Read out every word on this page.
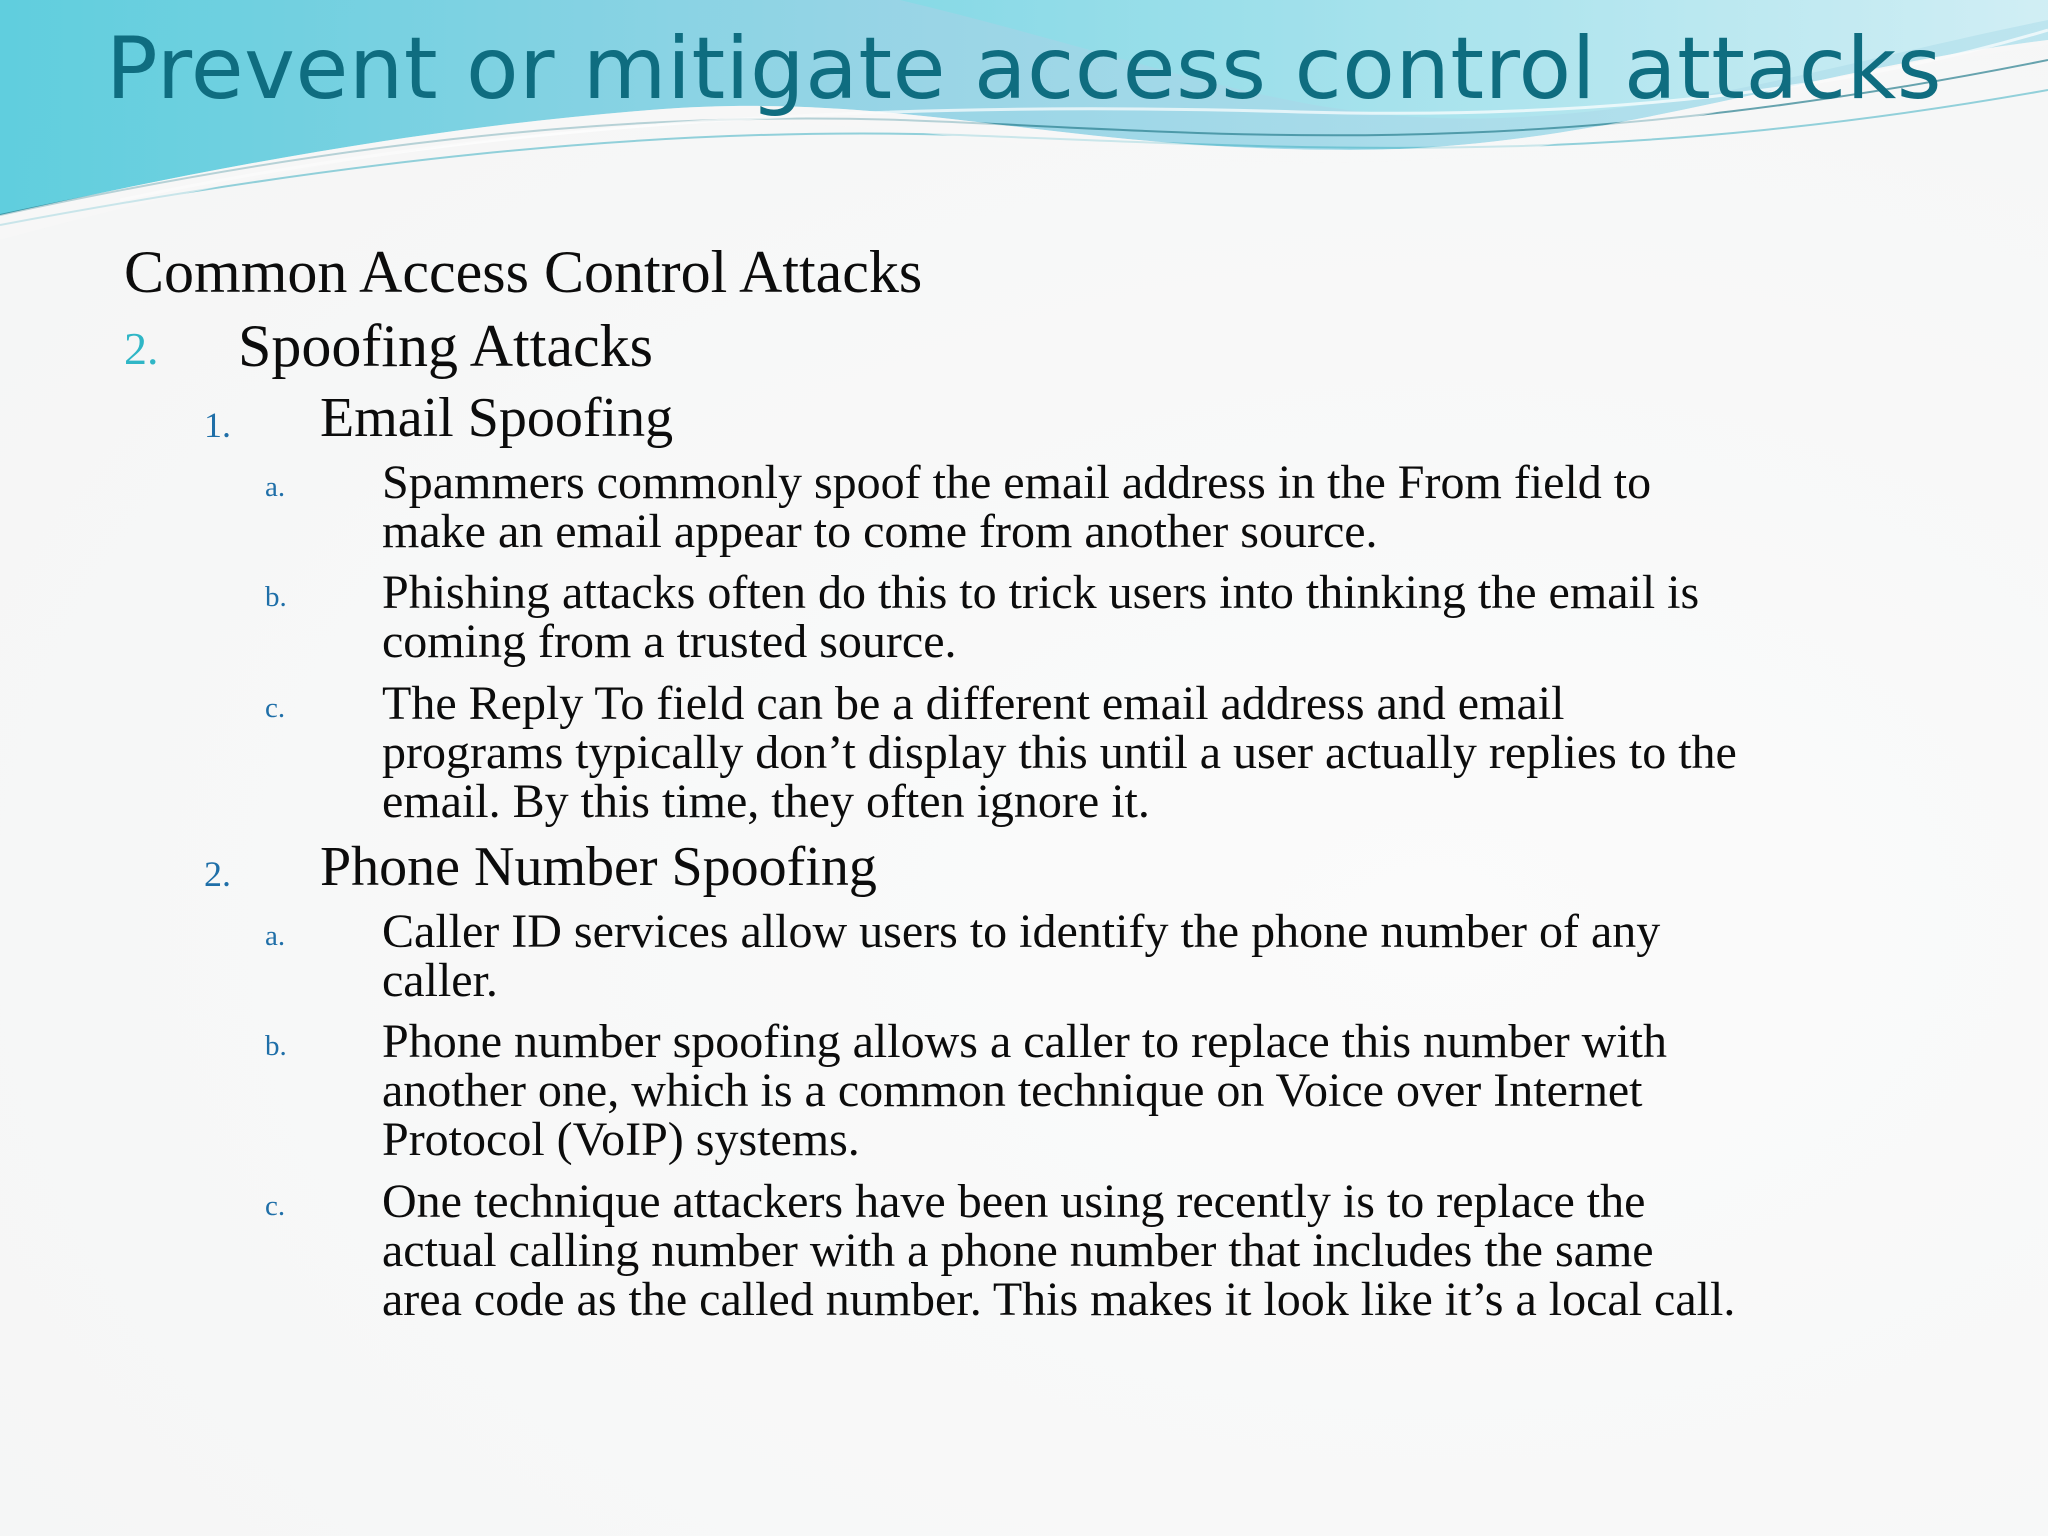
Prevent or mitigate access control attacks
Common Access Control Attacks
2. Spoofing Attacks
1. Email Spoofing
a. Spammers commonly spoof the email address in the From field to
make an email appear to come from another source.
b. Phishing attacks often do this to trick users into thinking the email is
coming from a trusted source.
c. The Reply To field can be a different email address and email
programs typically don’t display this until a user actually replies to the
email. By this time, they often ignore it.
2. Phone Number Spoofing
a. Caller ID services allow users to identify the phone number of any
caller.
b. Phone number spoofing allows a caller to replace this number with
another one, which is a common technique on Voice over Internet
Protocol (VoIP) systems.
c. One technique attackers have been using recently is to replace the
actual calling number with a phone number that includes the same
area code as the called number. This makes it look like it’s a local call.
